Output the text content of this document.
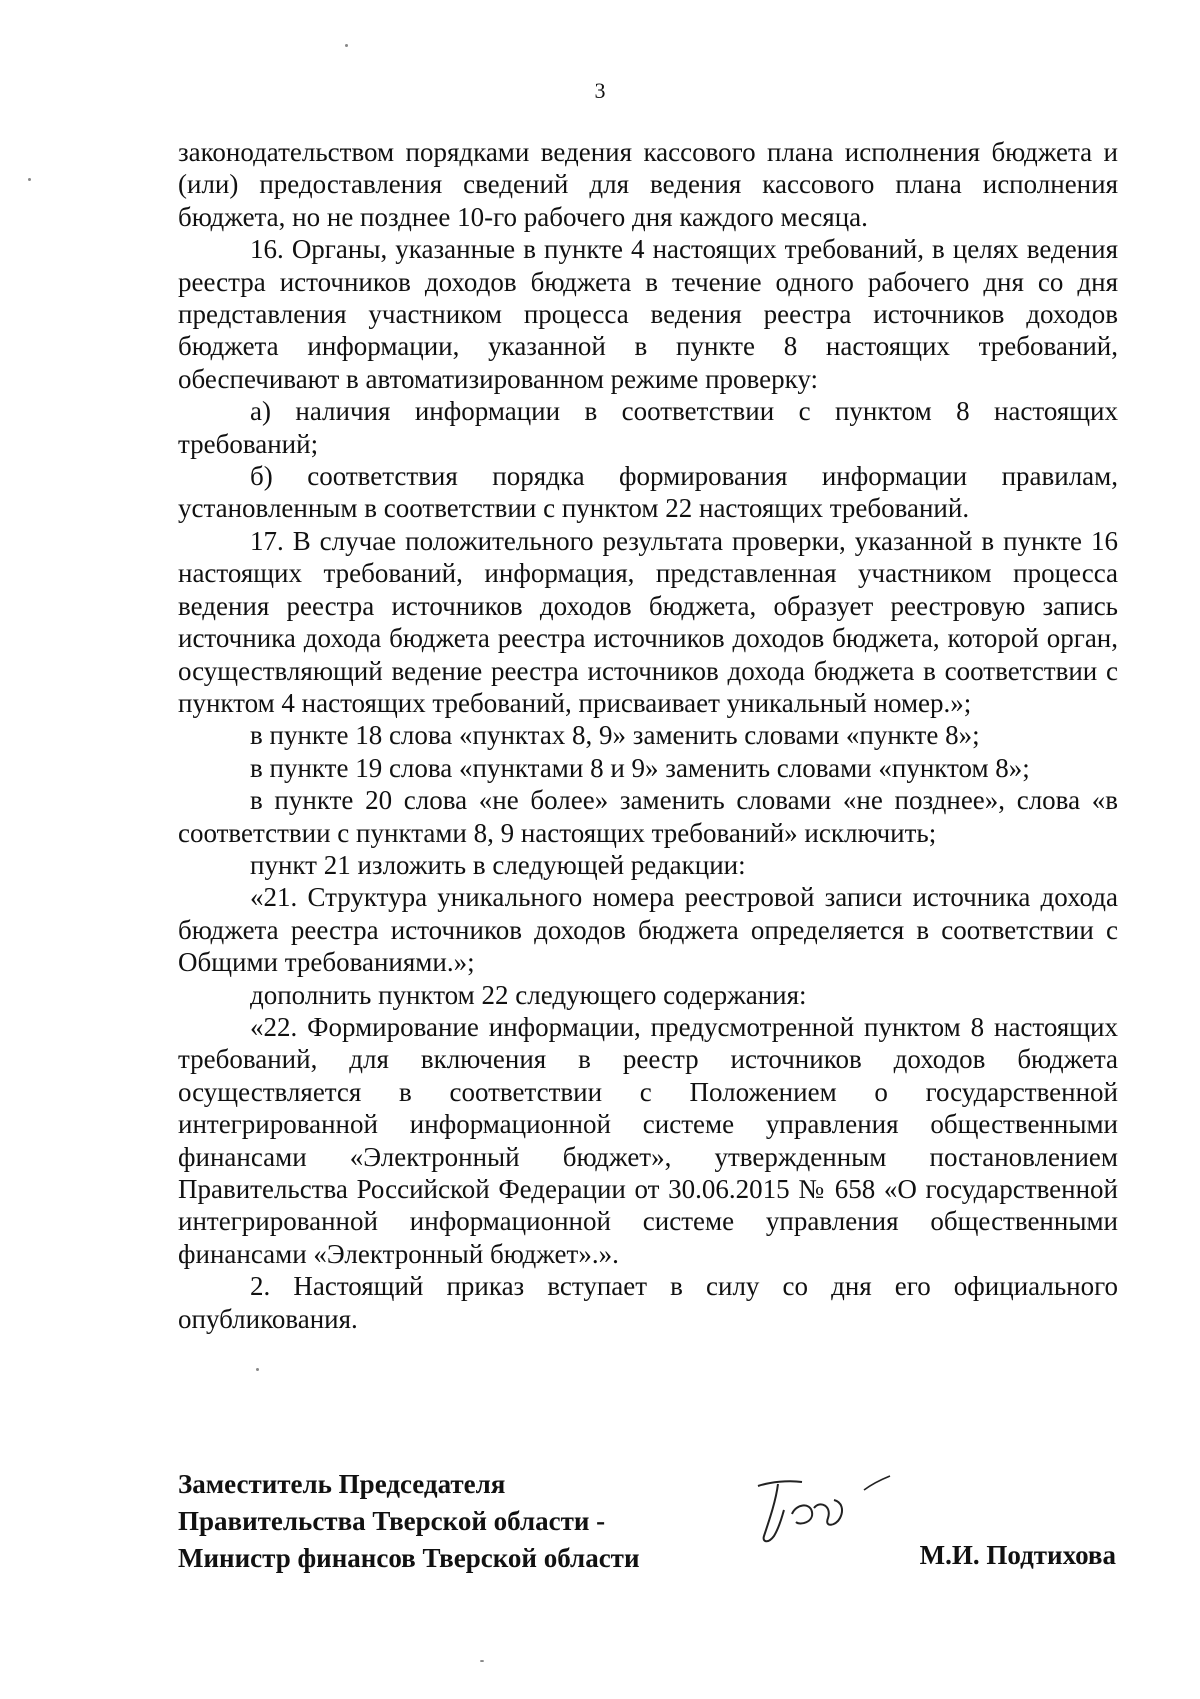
3

законодательством порядками ведения кассового плана исполнения бюджета и (или) предоставления сведений для ведения кассового плана исполнения бюджета, но не позднее 10-го рабочего дня каждого месяца.

16. Органы, указанные в пункте 4 настоящих требований, в целях ведения реестра источников доходов бюджета в течение одного рабочего дня со дня представления участником процесса ведения реестра источников доходов бюджета информации, указанной в пункте 8 настоящих требований, обеспечивают в автоматизированном режиме проверку:

а) наличия информации в соответствии с пунктом 8 настоящих требований;

б) соответствия порядка формирования информации правилам, установленным в соответствии с пунктом 22 настоящих требований.

17. В случае положительного результата проверки, указанной в пункте 16 настоящих требований, информация, представленная участником процесса ведения реестра источников доходов бюджета, образует реестровую запись источника дохода бюджета реестра источников доходов бюджета, которой орган, осуществляющий ведение реестра источников дохода бюджета в соответствии с пунктом 4 настоящих требований, присваивает уникальный номер.»;

в пункте 18 слова «пунктах 8, 9» заменить словами «пункте 8»;

в пункте 19 слова «пунктами 8 и 9» заменить словами «пунктом 8»;

в пункте 20 слова «не более» заменить словами «не позднее», слова «в соответствии с пунктами 8, 9 настоящих требований» исключить;

пункт 21 изложить в следующей редакции:

«21. Структура уникального номера реестровой записи источника дохода бюджета реестра источников доходов бюджета определяется в соответствии с Общими требованиями.»;

дополнить пунктом 22 следующего содержания:

«22. Формирование информации, предусмотренной пунктом 8 настоящих требований, для включения в реестр источников доходов бюджета осуществляется в соответствии с Положением о государственной интегрированной информационной системе управления общественными финансами «Электронный бюджет», утвержденным постановлением Правительства Российской Федерации от 30.06.2015 № 658 «О государственной интегрированной информационной системе управления общественными финансами «Электронный бюджет».».

2. Настоящий приказ вступает в силу со дня его официального опубликования.

Заместитель Председателя
Правительства Тверской области -
Министр финансов Тверской области	М.И. Подтихова
